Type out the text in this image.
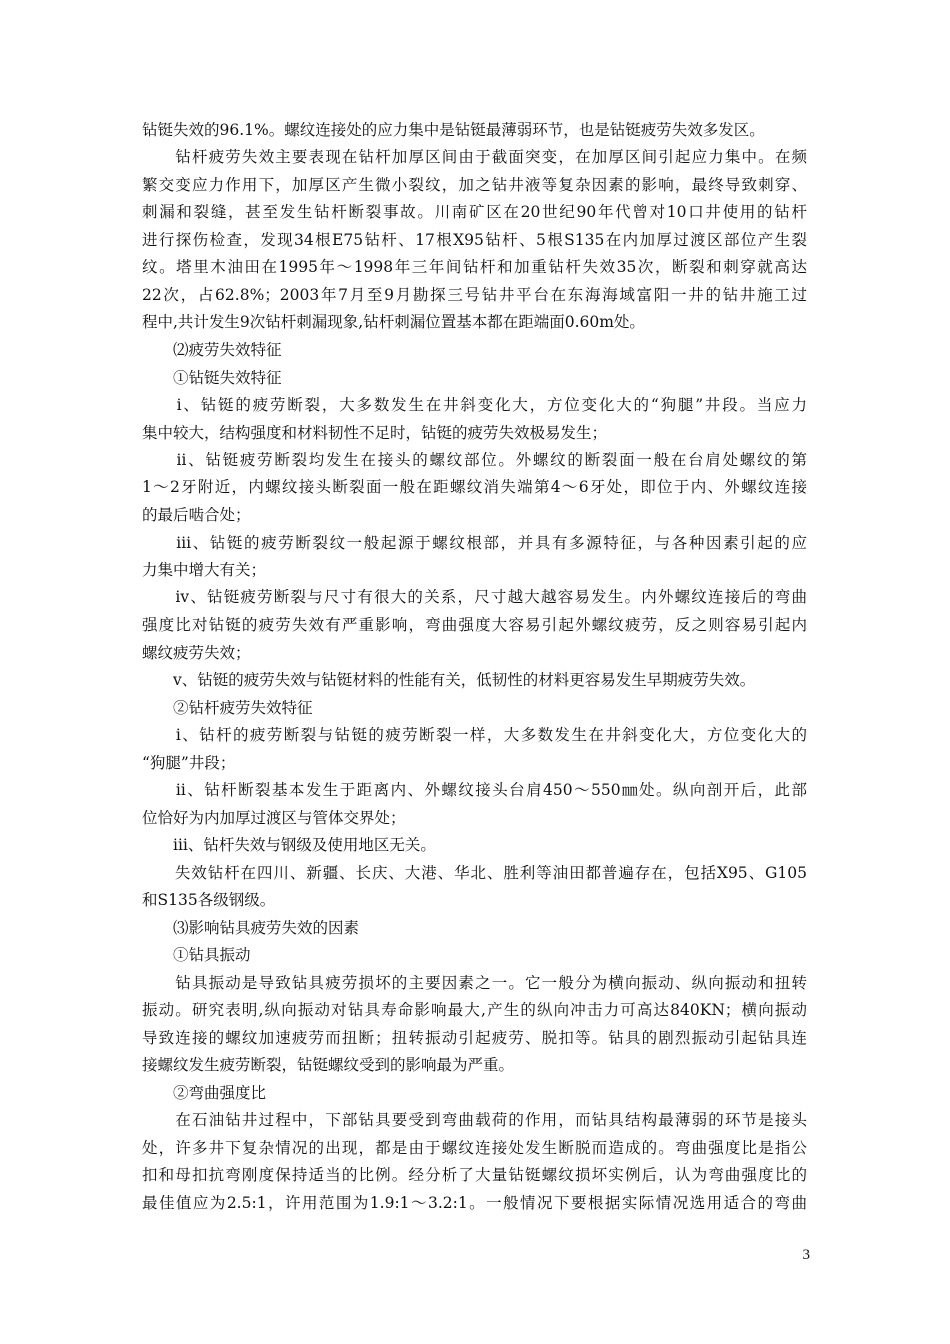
钻铤失效的96.1%。螺纹连接处的应力集中是钻铤最薄弱环节，也是钻铤疲劳失效多发区。
　　钻杆疲劳失效主要表现在钻杆加厚区间由于截面突变，在加厚区间引起应力集中。在频
繁交变应力作用下，加厚区产生微小裂纹，加之钻井液等复杂因素的影响，最终导致刺穿、
刺漏和裂缝，甚至发生钻杆断裂事故。川南矿区在20世纪90年代曾对10口井使用的钻杆
进行探伤检查，发现34根E75钻杆、17根X95钻杆、5根S135在内加厚过渡区部位产生裂
纹。塔里木油田在1995年～1998年三年间钻杆和加重钻杆失效35次，断裂和刺穿就高达
22次，占62.8%；2003年7月至9月勘探三号钻井平台在东海海域富阳一井的钻井施工过
程中,共计发生9次钻杆刺漏现象,钻杆刺漏位置基本都在距端面0.60m处。
　　⑵疲劳失效特征
　　①钻铤失效特征
　　ⅰ、钻铤的疲劳断裂，大多数发生在井斜变化大，方位变化大的“狗腿”井段。当应力
集中较大，结构强度和材料韧性不足时，钻铤的疲劳失效极易发生；
　　ⅱ、钻铤疲劳断裂均发生在接头的螺纹部位。外螺纹的断裂面一般在台肩处螺纹的第
1～2牙附近，内螺纹接头断裂面一般在距螺纹消失端第4～6牙处，即位于内、外螺纹连接
的最后啮合处；
　　ⅲ、钻铤的疲劳断裂纹一般起源于螺纹根部，并具有多源特征，与各种因素引起的应
力集中增大有关；
　　ⅳ、钻铤疲劳断裂与尺寸有很大的关系，尺寸越大越容易发生。内外螺纹连接后的弯曲
强度比对钻铤的疲劳失效有严重影响，弯曲强度大容易引起外螺纹疲劳，反之则容易引起内
螺纹疲劳失效；
　　ⅴ、钻铤的疲劳失效与钻铤材料的性能有关，低韧性的材料更容易发生早期疲劳失效。
　　②钻杆疲劳失效特征
　　ⅰ、钻杆的疲劳断裂与钻铤的疲劳断裂一样，大多数发生在井斜变化大，方位变化大的
“狗腿”井段；
　　ⅱ、钻杆断裂基本发生于距离内、外螺纹接头台肩450～550㎜处。纵向剖开后，此部
位恰好为内加厚过渡区与管体交界处；
　　ⅲ、钻杆失效与钢级及使用地区无关。
　　失效钻杆在四川、新疆、长庆、大港、华北、胜利等油田都普遍存在，包括X95、G105
和S135各级钢级。
　　⑶影响钻具疲劳失效的因素
　　①钻具振动
　　钻具振动是导致钻具疲劳损坏的主要因素之一。它一般分为横向振动、纵向振动和扭转
振动。研究表明,纵向振动对钻具寿命影响最大,产生的纵向冲击力可高达840KN；横向振动
导致连接的螺纹加速疲劳而扭断；扭转振动引起疲劳、脱扣等。钻具的剧烈振动引起钻具连
接螺纹发生疲劳断裂，钻铤螺纹受到的影响最为严重。
　　②弯曲强度比
　　在石油钻井过程中，下部钻具要受到弯曲载荷的作用，而钻具结构最薄弱的环节是接头
处，许多井下复杂情况的出现，都是由于螺纹连接处发生断脱而造成的。弯曲强度比是指公
扣和母扣抗弯刚度保持适当的比例。经分析了大量钻铤螺纹损坏实例后，认为弯曲强度比的
最佳值应为2.5:1，许用范围为1.9:1～3.2:1。一般情况下要根据实际情况选用适合的弯曲
3
